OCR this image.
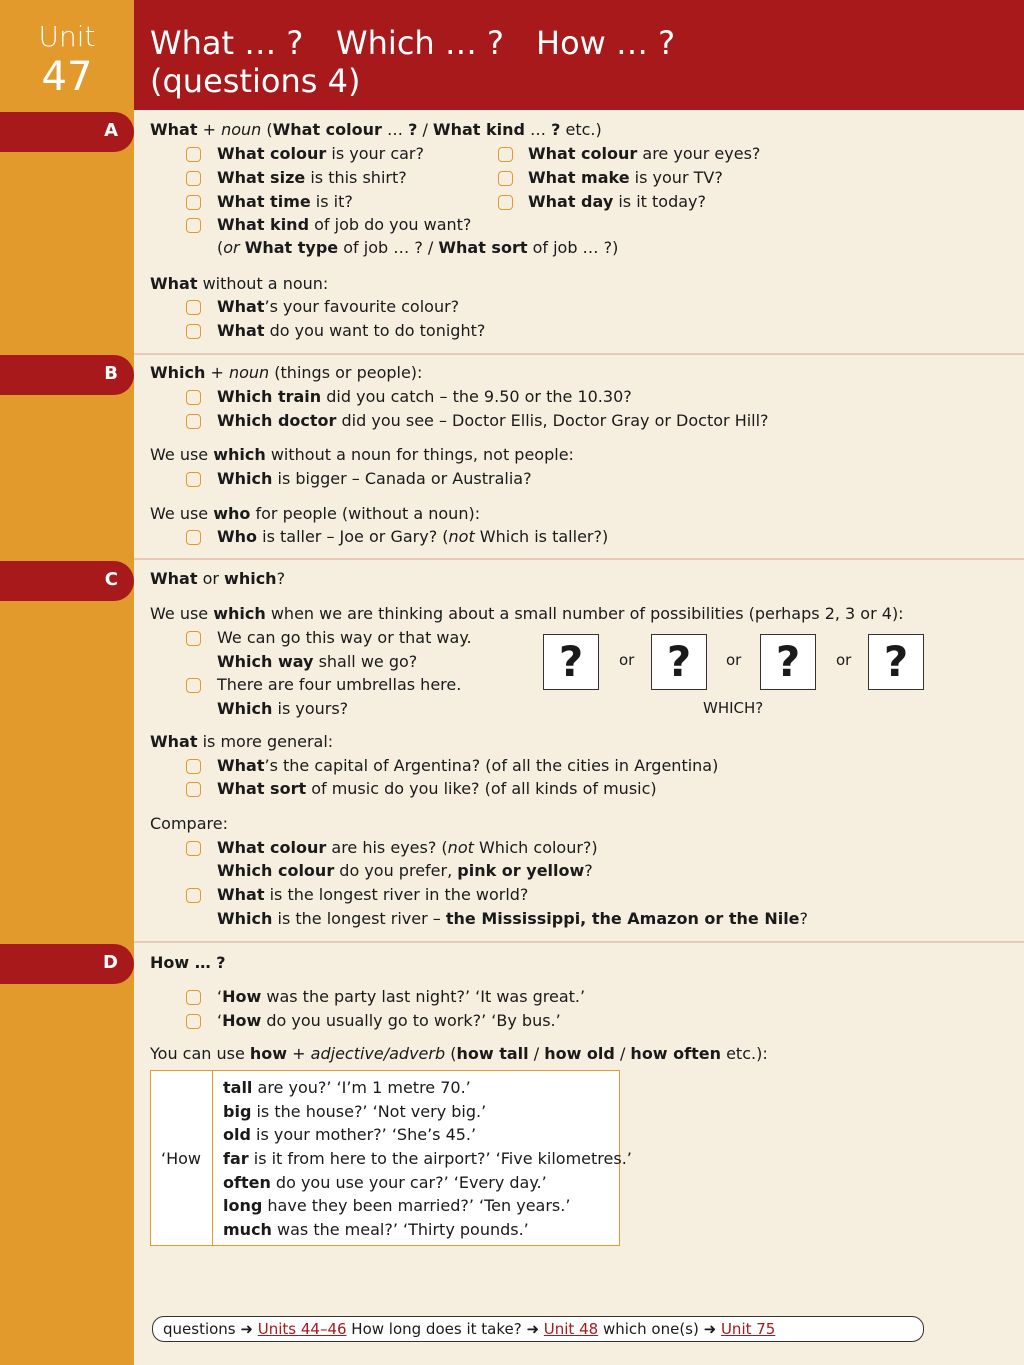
What … ? Which … ? How … ?
(questions 4)
Unit
47
A What + noun (What colour … ? / What kind … ? etc.)
What colour is your car?
What size is this shirt?
What time is it?
What kind of job do you want?
(or What type of job … ? / What sort of job … ?)
What colour are your eyes?
What make is your TV?
What day is it today?
What without a noun:
What’s your favourite colour?
What do you want to do tonight?
B Which + noun (things or people):
Which train did you catch – the 9.50 or the 10.30?
Which doctor did you see – Doctor Ellis, Doctor Gray or Doctor Hill?
We use which without a noun for things, not people:
Which is bigger – Canada or Australia?
We use who for people (without a noun):
Who is taller – Joe or Gary? (not Which is taller?)
C What or which?
We use which when we are thinking about a small number of possibilities (perhaps 2, 3 or 4):
We can go this way or that way.
Which way shall we go?
There are four umbrellas here.
Which is yours?
?	or ?	or ?	or ?
WHICH?
What is more general:
What’s the capital of Argentina? (of all the cities in Argentina)
What sort of music do you like? (of all kinds of music)
Compare:
What colour are his eyes? (not Which colour?)
Which colour do you prefer, pink or yellow?
What is the longest river in the world?
Which is the longest river – the Mississippi, the Amazon or the Nile?
D How … ?
‘How was the party last night?’ ‘It was great.’
‘How do you usually go to work?’ ‘By bus.’
You can use how + adjective/adverb (how tall / how old / how often etc.):
‘How
tall are you?’ ‘I’m 1 metre 70.’
big is the house?’ ‘Not very big.’
old is your mother?’ ‘She’s 45.’
far is it from here to the airport?’ ‘Five kilometres.’
often do you use your car?’ ‘Every day.’
long have they been married?’ ‘Ten years.’
much was the meal?’ ‘Thirty pounds.’
questions ➜ Units 44–46 How long does it take? ➜ Unit 48 which one(s) ➜ Unit 75
